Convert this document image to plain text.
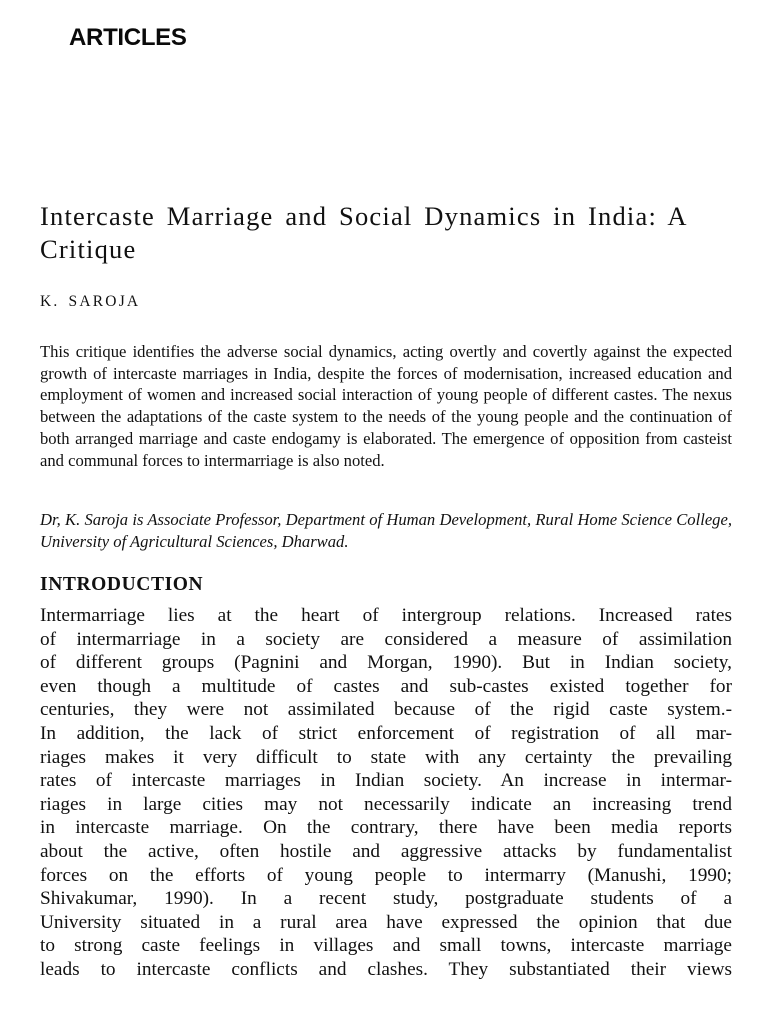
ARTICLES
Intercaste Marriage and Social Dynamics in India: A Critique
K. SAROJA

This critique identifies the adverse social dynamics, acting overtly and covertly against the expected growth of intercaste marriages in India, despite the forces of modernisation, increased education and employment of women and increased social interaction of young people of different castes. The nexus between the adaptations of the caste system to the needs of the young people and the continuation of both arranged marriage and caste endogamy is elaborated. The emergence of opposition from casteist and communal forces to intermarriage is also noted.

Dr, K. Saroja is Associate Professor, Department of Human Development, Rural Home Science College, University of Agricultural Sciences, Dharwad.

INTRODUCTION
Intermarriage lies at the heart of intergroup relations. Increased rates
of intermarriage in a society are considered a measure of assimilation
of different groups (Pagnini and Morgan, 1990). But in Indian society,
even though a multitude of castes and sub-castes existed together for
centuries, they were not assimilated because of the rigid caste system.-
In addition, the lack of strict enforcement of registration of all mar-
riages makes it very difficult to state with any certainty the prevailing
rates of intercaste marriages in Indian society. An increase in intermar-
riages in large cities may not necessarily indicate an increasing trend
in intercaste marriage. On the contrary, there have been media reports
about the active, often hostile and aggressive attacks by fundamentalist
forces on the efforts of young people to intermarry (Manushi, 1990;
Shivakumar, 1990). In a recent study, postgraduate students of a
University situated in a rural area have expressed the opinion that due
to strong caste feelings in villages and small towns, intercaste marriage
leads to intercaste conflicts and clashes. They substantiated their views
